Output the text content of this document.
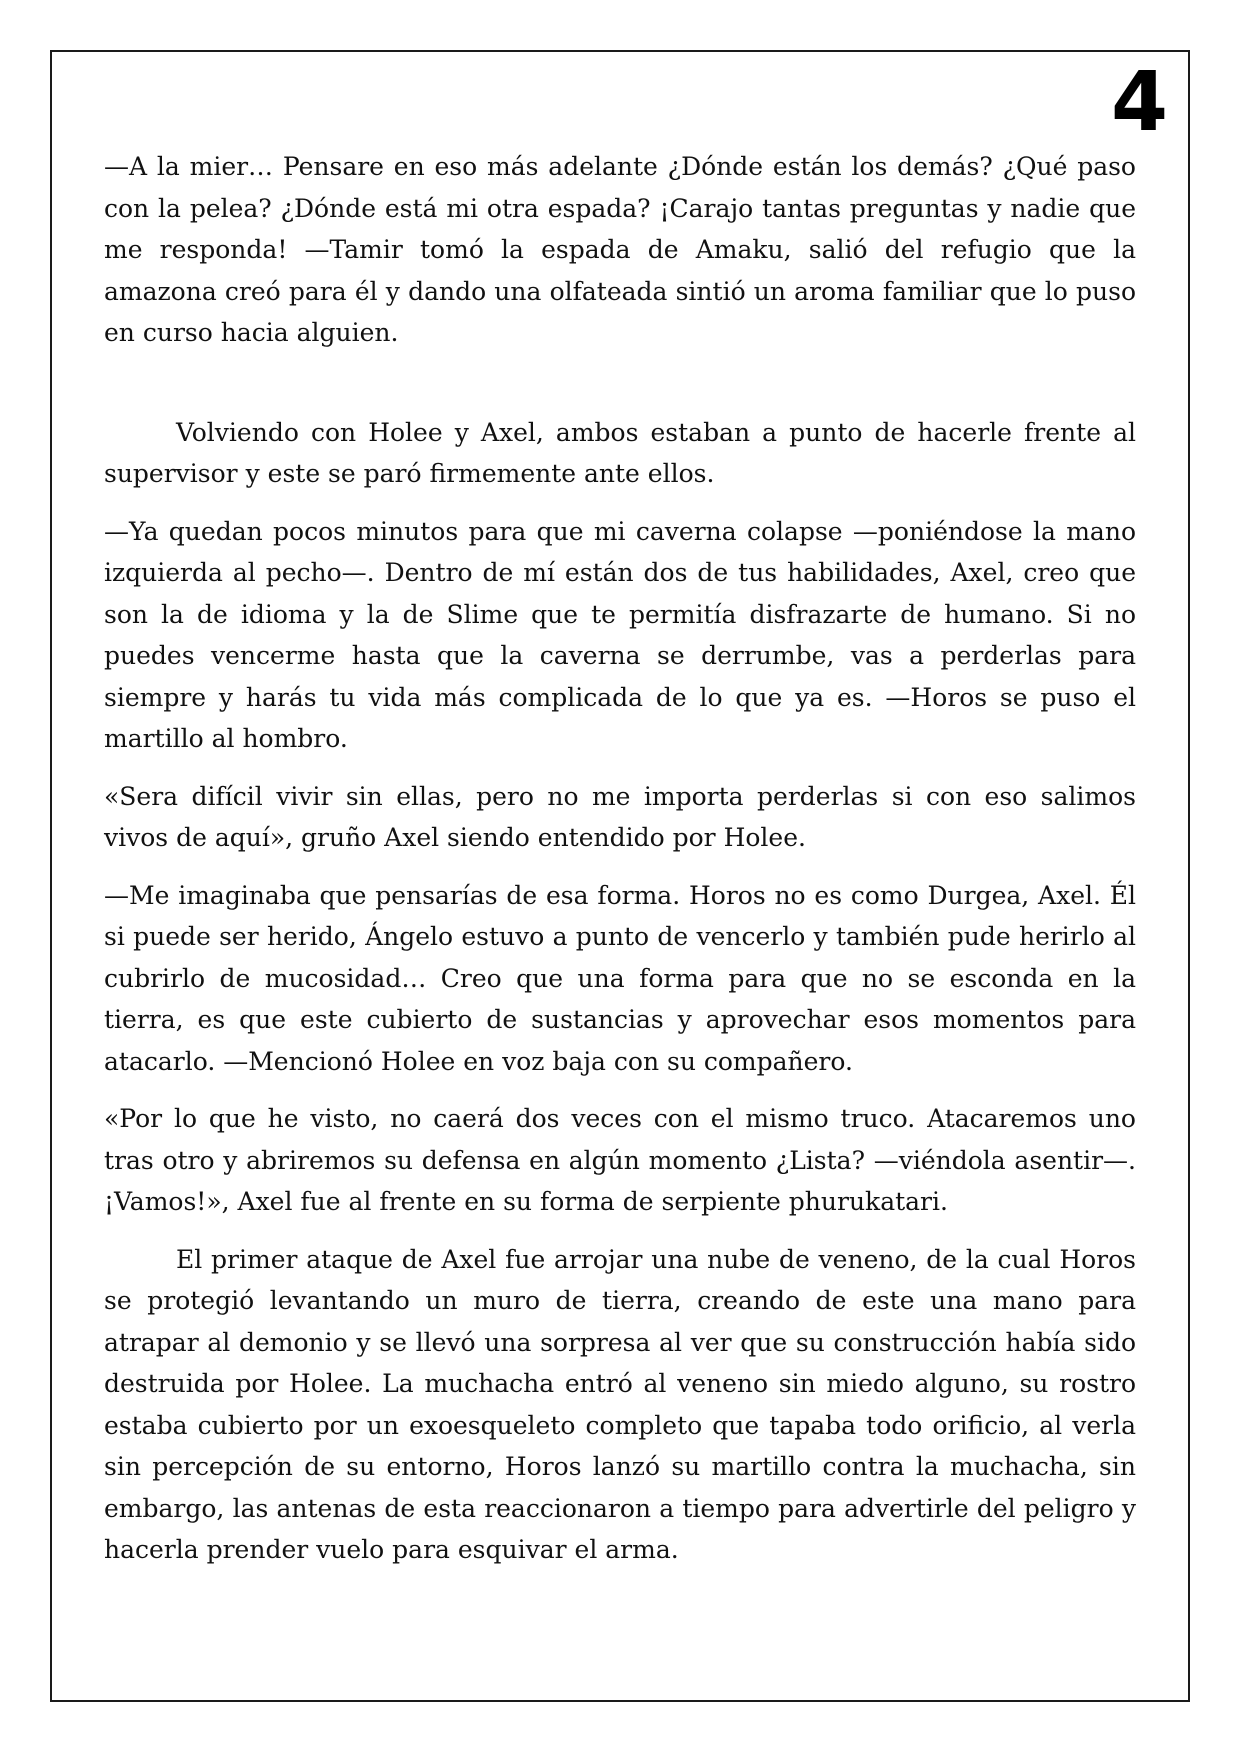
4

—A la mier… Pensare en eso más adelante ¿Dónde están los demás? ¿Qué paso con la pelea? ¿Dónde está mi otra espada? ¡Carajo tantas preguntas y nadie que me responda! —Tamir tomó la espada de Amaku, salió del refugio que la amazona creó para él y dando una olfateada sintió un aroma familiar que lo puso en curso hacia alguien.

Volviendo con Holee y Axel, ambos estaban a punto de hacerle frente al supervisor y este se paró firmemente ante ellos.

—Ya quedan pocos minutos para que mi caverna colapse —poniéndose la mano izquierda al pecho—. Dentro de mí están dos de tus habilidades, Axel, creo que son la de idioma y la de Slime que te permitía disfrazarte de humano. Si no puedes vencerme hasta que la caverna se derrumbe, vas a perderlas para siempre y harás tu vida más complicada de lo que ya es. —Horos se puso el martillo al hombro.

«Sera difícil vivir sin ellas, pero no me importa perderlas si con eso salimos vivos de aquí», gruño Axel siendo entendido por Holee.

—Me imaginaba que pensarías de esa forma. Horos no es como Durgea, Axel. Él si puede ser herido, Ángelo estuvo a punto de vencerlo y también pude herirlo al cubrirlo de mucosidad… Creo que una forma para que no se esconda en la tierra, es que este cubierto de sustancias y aprovechar esos momentos para atacarlo. —Mencionó Holee en voz baja con su compañero.

«Por lo que he visto, no caerá dos veces con el mismo truco. Atacaremos uno tras otro y abriremos su defensa en algún momento ¿Lista? —viéndola asentir—. ¡Vamos!», Axel fue al frente en su forma de serpiente phurukatari.

El primer ataque de Axel fue arrojar una nube de veneno, de la cual Horos se protegió levantando un muro de tierra, creando de este una mano para atrapar al demonio y se llevó una sorpresa al ver que su construcción había sido destruida por Holee. La muchacha entró al veneno sin miedo alguno, su rostro estaba cubierto por un exoesqueleto completo que tapaba todo orificio, al verla sin percepción de su entorno, Horos lanzó su martillo contra la muchacha, sin embargo, las antenas de esta reaccionaron a tiempo para advertirle del peligro y hacerla prender vuelo para esquivar el arma.
